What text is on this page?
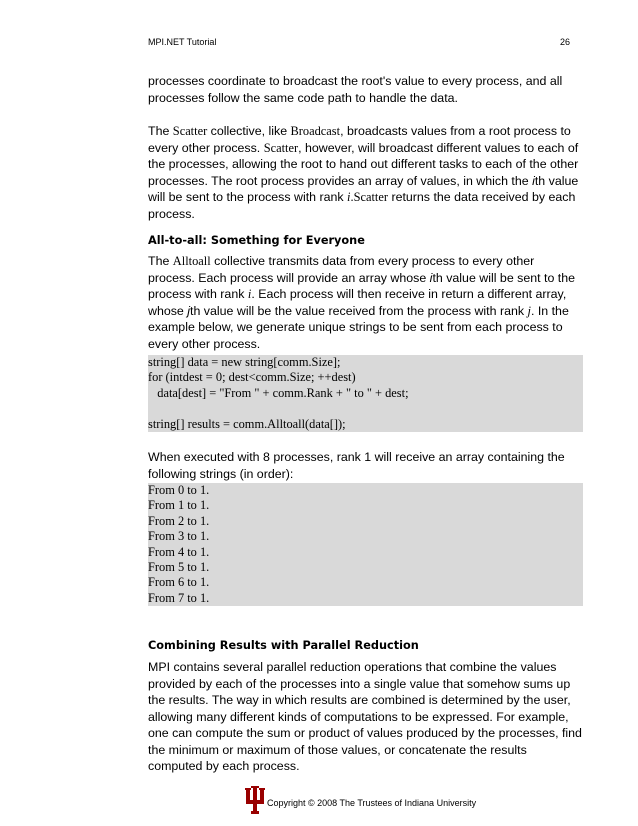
MPI.NET Tutorial	26

processes coordinate to broadcast the root's value to every process, and all processes follow the same code path to handle the data.

The Scatter collective, like Broadcast, broadcasts values from a root process to every other process. Scatter, however, will broadcast different values to each of the processes, allowing the root to hand out different tasks to each of the other processes. The root process provides an array of values, in which the ith value will be sent to the process with rank i.Scatter returns the data received by each process.

All-to-all: Something for Everyone

The Alltoall collective transmits data from every process to every other process. Each process will provide an array whose ith value will be sent to the process with rank i. Each process will then receive in return a different array, whose jth value will be the value received from the process with rank j. In the example below, we generate unique strings to be sent from each process to every other process.

string[] data = new string[comm.Size];
for (intdest = 0; dest<comm.Size; ++dest)
data[dest] = "From " + comm.Rank + " to " + dest;
string[] results = comm.Alltoall(data[]);

When executed with 8 processes, rank 1 will receive an array containing the following strings (in order):

From 0 to 1.
From 1 to 1.
From 2 to 1.
From 3 to 1.
From 4 to 1.
From 5 to 1.
From 6 to 1.
From 7 to 1.

Combining Results with Parallel Reduction

MPI contains several parallel reduction operations that combine the values provided by each of the processes into a single value that somehow sums up the results. The way in which results are combined is determined by the user, allowing many different kinds of computations to be expressed. For example, one can compute the sum or product of values produced by the processes, find the minimum or maximum of those values, or concatenate the results computed by each process.

Copyright © 2008 The Trustees of Indiana University
